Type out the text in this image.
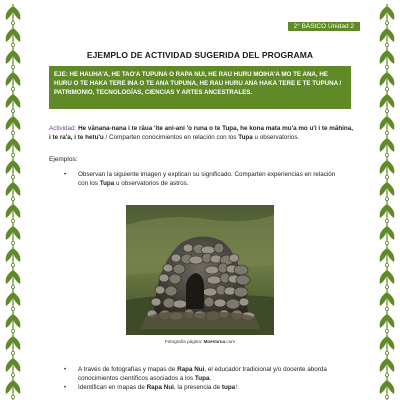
2° BÁSICO Unidad 2
EJEMPLO DE ACTIVIDAD SUGERIDA DEL PROGRAMA
EJE: HE HAUHA'A, HE TAO'A TUPUNA O RAPA NUI, HE RAU HURU MOIHA'A MO TE ANA, HE HURU O TE HAKA TERE INA O TE ANA TUPUNA, HE RAU HURU ANA HAKA TERE E TE TUPUNA / PATRIMONIO, TECNOLOGÍAS, CIENCIAS Y ARTES ANCESTRALES.
Actividad: He vānana-nana i te rāua 'ite ani-ani 'o runa o te Tupa, he kona mata mu'a mo u'i i te māhina, i te ra'a, i te hetu'u / Comparten conocimientos en relación con los Tupa u observatorios.
Ejemplos:
•	Observan la siguiente imagen y explican su significado. Comparten experiencias en relación con los Tupa u observatorios de astros.
Fotografía página: MoeVarua.com
•	A través de fotografías y mapas de Rapa Nui, el educador tradicional y/o docente aborda conocimientos científicos asociados a los Tupa.
•	Identifican en mapas de Rapa Nui, la presencia de tupa¹:
